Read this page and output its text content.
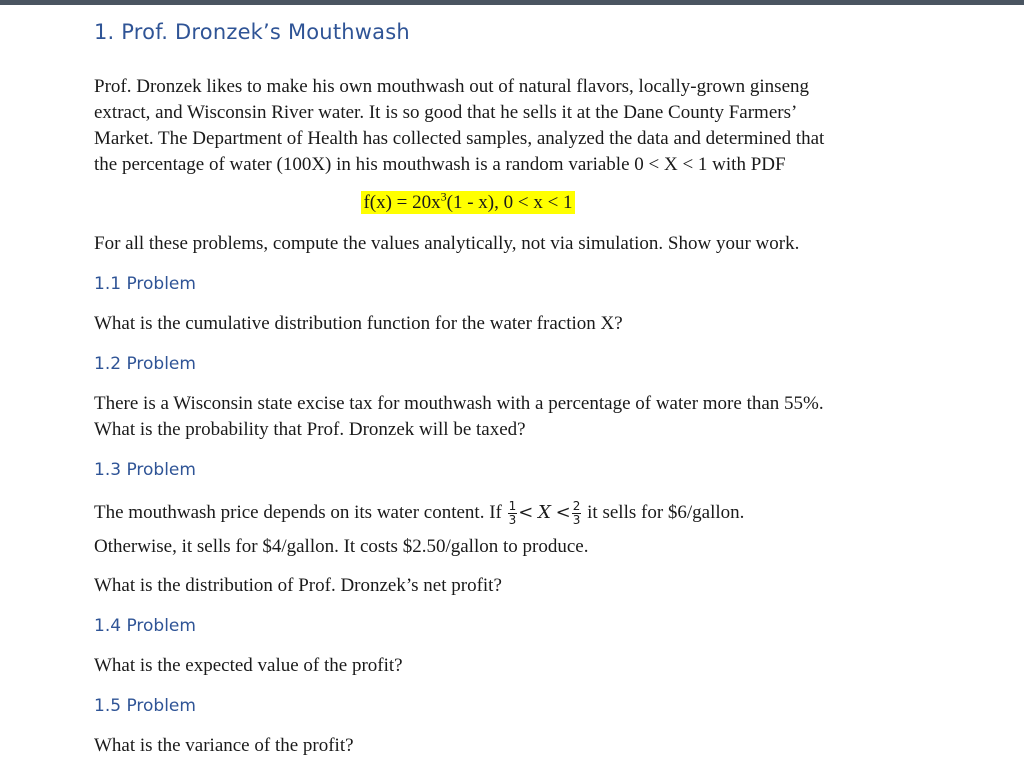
1. Prof. Dronzek’s Mouthwash
Prof. Dronzek likes to make his own mouthwash out of natural flavors, locally-grown ginseng
extract, and Wisconsin River water. It is so good that he sells it at the Dane County Farmers’
Market. The Department of Health has collected samples, analyzed the data and determined that
the percentage of water (100X) in his mouthwash is a random variable 0 < X < 1 with PDF
$f(x) = 20x^3(1 - x)$, 0 < x < 1
For all these problems, compute the values analytically, not via simulation. Show your work.
1.1 Problem
What is the cumulative distribution function for the water fraction X?
1.2 Problem
There is a Wisconsin state excise tax for mouthwash with a percentage of water more than 55%.
What is the probability that Prof. Dronzek will be taxed?
1.3 Problem
The mouthwash price depends on its water content. If $\frac{1}{3} < X < \frac{2}{3}$ it sells for $6/gallon.
Otherwise, it sells for $4/gallon. It costs $2.50/gallon to produce.
What is the distribution of Prof. Dronzek’s net profit?
1.4 Problem
What is the expected value of the profit?
1.5 Problem
What is the variance of the profit?
